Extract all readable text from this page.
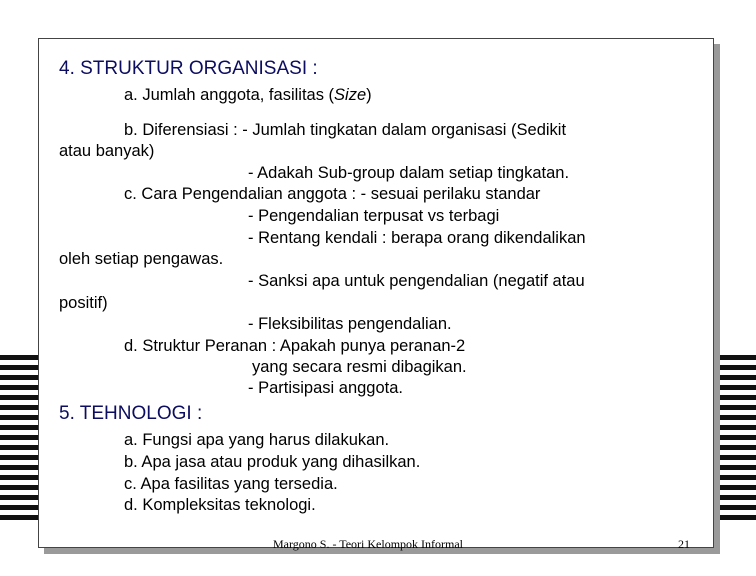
4. STRUKTUR ORGANISASI :
a. Jumlah anggota, fasilitas (Size)
b. Diferensiasi : - Jumlah tingkatan dalam organisasi (Sedikit
atau banyak)
- Adakah Sub-group dalam setiap tingkatan.
c. Cara Pengendalian anggota : - sesuai perilaku standar
- Pengendalian terpusat vs terbagi
- Rentang kendali : berapa orang dikendalikan
oleh setiap pengawas.
- Sanksi apa untuk pengendalian (negatif atau
positif)
- Fleksibilitas pengendalian.
d. Struktur Peranan : Apakah punya peranan-2
yang secara resmi dibagikan.
- Partisipasi anggota.
5. TEHNOLOGI :
a. Fungsi apa yang harus dilakukan.
b. Apa jasa atau produk yang dihasilkan.
c. Apa fasilitas yang tersedia.
d. Kompleksitas teknologi.
Margono S. - Teori Kelompok Informal	21
